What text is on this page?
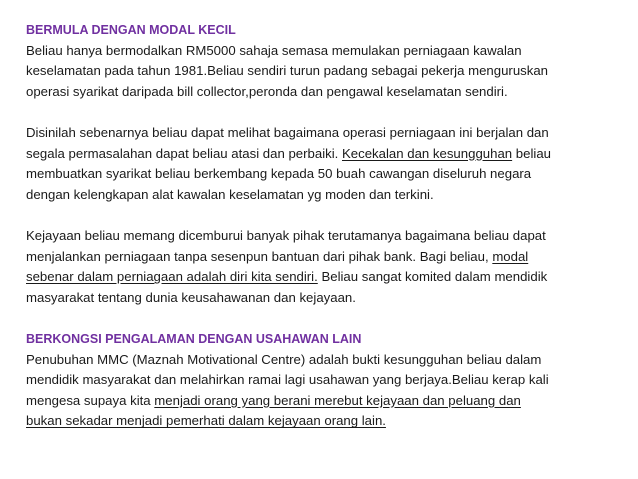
BERMULA DENGAN MODAL KECIL
Beliau hanya bermodalkan RM5000 sahaja semasa memulakan perniagaan kawalan
keselamatan pada tahun 1981.Beliau sendiri turun padang sebagai pekerja menguruskan
operasi syarikat daripada bill collector,peronda dan pengawal keselamatan sendiri.
Disinilah sebenarnya beliau dapat melihat bagaimana operasi perniagaan ini berjalan dan
segala permasalahan dapat beliau atasi dan perbaiki. Kecekalan dan kesungguhan beliau
membuatkan syarikat beliau berkembang kepada 50 buah cawangan diseluruh negara
dengan kelengkapan alat kawalan keselamatan yg moden dan terkini.
Kejayaan beliau memang dicemburui banyak pihak terutamanya bagaimana beliau dapat
menjalankan perniagaan tanpa sesenpun bantuan dari pihak bank. Bagi beliau, modal
sebenar dalam perniagaan adalah diri kita sendiri. Beliau sangat komited dalam mendidik
masyarakat tentang dunia keusahawanan dan kejayaan.
BERKONGSI PENGALAMAN DENGAN USAHAWAN LAIN
Penubuhan MMC (Maznah Motivational Centre) adalah bukti kesungguhan beliau dalam
mendidik masyarakat dan melahirkan ramai lagi usahawan yang berjaya.Beliau kerap kali
mengesa supaya kita menjadi orang yang berani merebut kejayaan dan peluang dan
bukan sekadar menjadi pemerhati dalam kejayaan orang lain.
